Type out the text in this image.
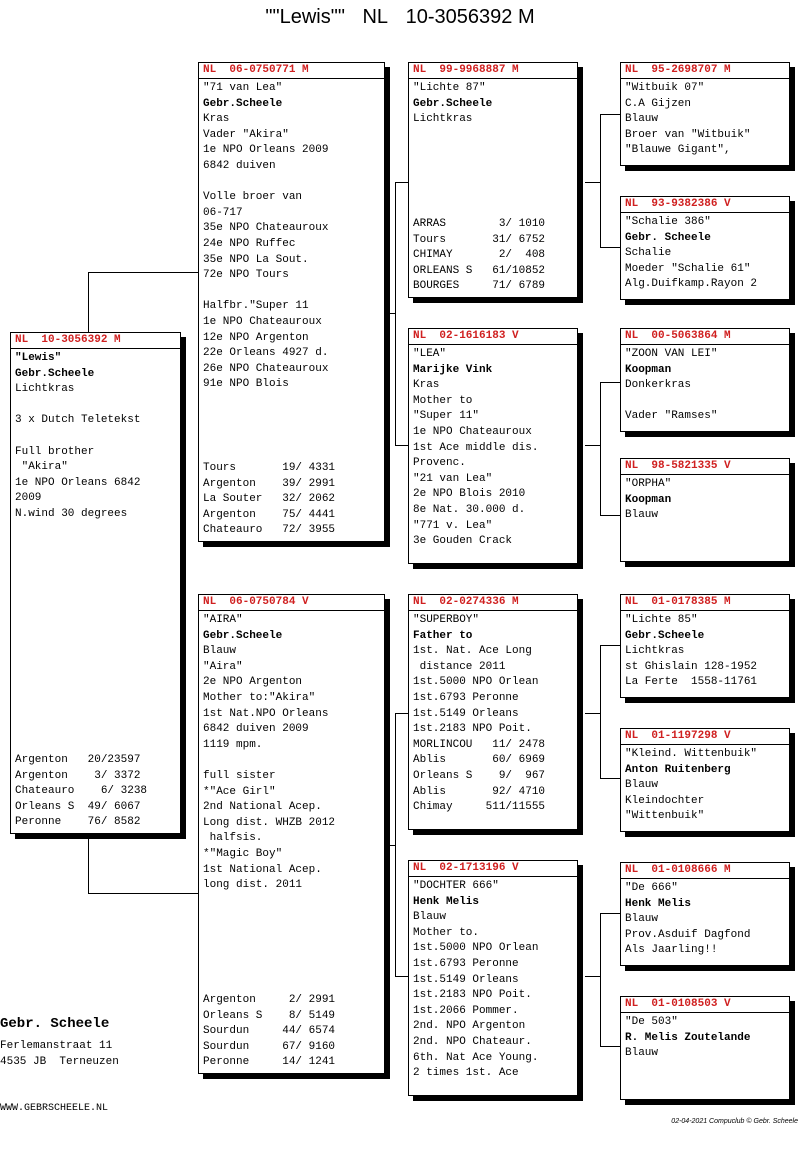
""Lewis"" NL 10-3056392 M
NL  10-3056392 M
"Lewis"
Gebr.Scheele
Lichtkras
3 x Dutch Teletekst
Full brother
"Akira"
1e NPO Orleans 6842
2009
N.wind 30 degrees
Argenton   20/23597
Argenton    3/ 3372
Chateauro    6/ 3238
Orleans S  49/ 6067
Peronne    76/ 8582
NL  06-0750771 M
"71 van Lea"
Gebr.Scheele
Kras
Vader "Akira"
1e NPO Orleans 2009
6842 duiven
Volle broer van
06-717
35e NPO Chateauroux
24e NPO Ruffec
35e NPO La Sout.
72e NPO Tours
Halfbr."Super 11
1e NPO Chateauroux
12e NPO Argenton
22e Orleans 4927 d.
26e NPO Chateauroux
91e NPO Blois
Tours       19/ 4331
Argenton    39/ 2991
La Souter   32/ 2062
Argenton    75/ 4441
Chateauro   72/ 3955
NL  06-0750784 V
"AIRA"
Gebr.Scheele
Blauw
"Aira"
2e NPO Argenton
Mother to:"Akira"
1st Nat.NPO Orleans
6842 duiven 2009
1119 mpm.
full sister
*"Ace Girl"
2nd National Acep.
Long dist. WHZB 2012
halfsis.
*"Magic Boy"
1st National Acep.
long dist. 2011
Argenton     2/ 2991
Orleans S    8/ 5149
Sourdun     44/ 6574
Sourdun     67/ 9160
Peronne     14/ 1241
NL  99-9968887 M
"Lichte 87"
Gebr.Scheele
Lichtkras
ARRAS        3/ 1010
Tours       31/ 6752
CHIMAY       2/  408
ORLEANS S   61/10852
BOURGES     71/ 6789
NL  02-1616183 V
"LEA"
Marijke Vink
Kras
Mother to
"Super 11"
1e NPO Chateauroux
1st Ace middle dis.
Provenc.
"21 van Lea"
2e NPO Blois 2010
8e Nat. 30.000 d.
"771 v. Lea"
3e Gouden Crack
NL  02-0274336 M
"SUPERBOY"
Father to
1st. Nat. Ace Long
distance 2011
1st.5000 NPO Orlean
1st.6793 Peronne
1st.5149 Orleans
1st.2183 NPO Poit.
MORLINCOU   11/ 2478
Ablis       60/ 6969
Orleans S    9/  967
Ablis       92/ 4710
Chimay     511/11555
NL  02-1713196 V
"DOCHTER 666"
Henk Melis
Blauw
Mother to.
1st.5000 NPO Orlean
1st.6793 Peronne
1st.5149 Orleans
1st.2183 NPO Poit.
1st.2066 Pommer.
2nd. NPO Argenton
2nd. NPO Chateaur.
6th. Nat Ace Young.
2 times 1st. Ace
NL  95-2698707 M
"Witbuik 07"
C.A Gijzen
Blauw
Broer van "Witbuik"
"Blauwe Gigant",
NL  93-9382386 V
"Schalie 386"
Gebr. Scheele
Schalie
Moeder "Schalie 61"
Alg.Duifkamp.Rayon 2
NL  00-5063864 M
"ZOON VAN LEI"
Koopman
Donkerkras
Vader "Ramses"
NL  98-5821335 V
"ORPHA"
Koopman
Blauw
NL  01-0178385 M
"Lichte 85"
Gebr.Scheele
Lichtkras
st Ghislain 128-1952
La Ferte  1558-11761
NL  01-1197298 V
"Kleind. Wittenbuik"
Anton Ruitenberg
Blauw
Kleindochter
"Wittenbuik"
NL  01-0108666 M
"De 666"
Henk Melis
Blauw
Prov.Asduif Dagfond
Als Jaarling!!
NL  01-0108503 V
"De 503"
R. Melis Zoutelande
Blauw
Gebr. Scheele
Ferlemanstraat 11
4535 JB  Terneuzen
WWW.GEBRSCHEELE.NL
02-04-2021 Compuclub © Gebr. Scheele
